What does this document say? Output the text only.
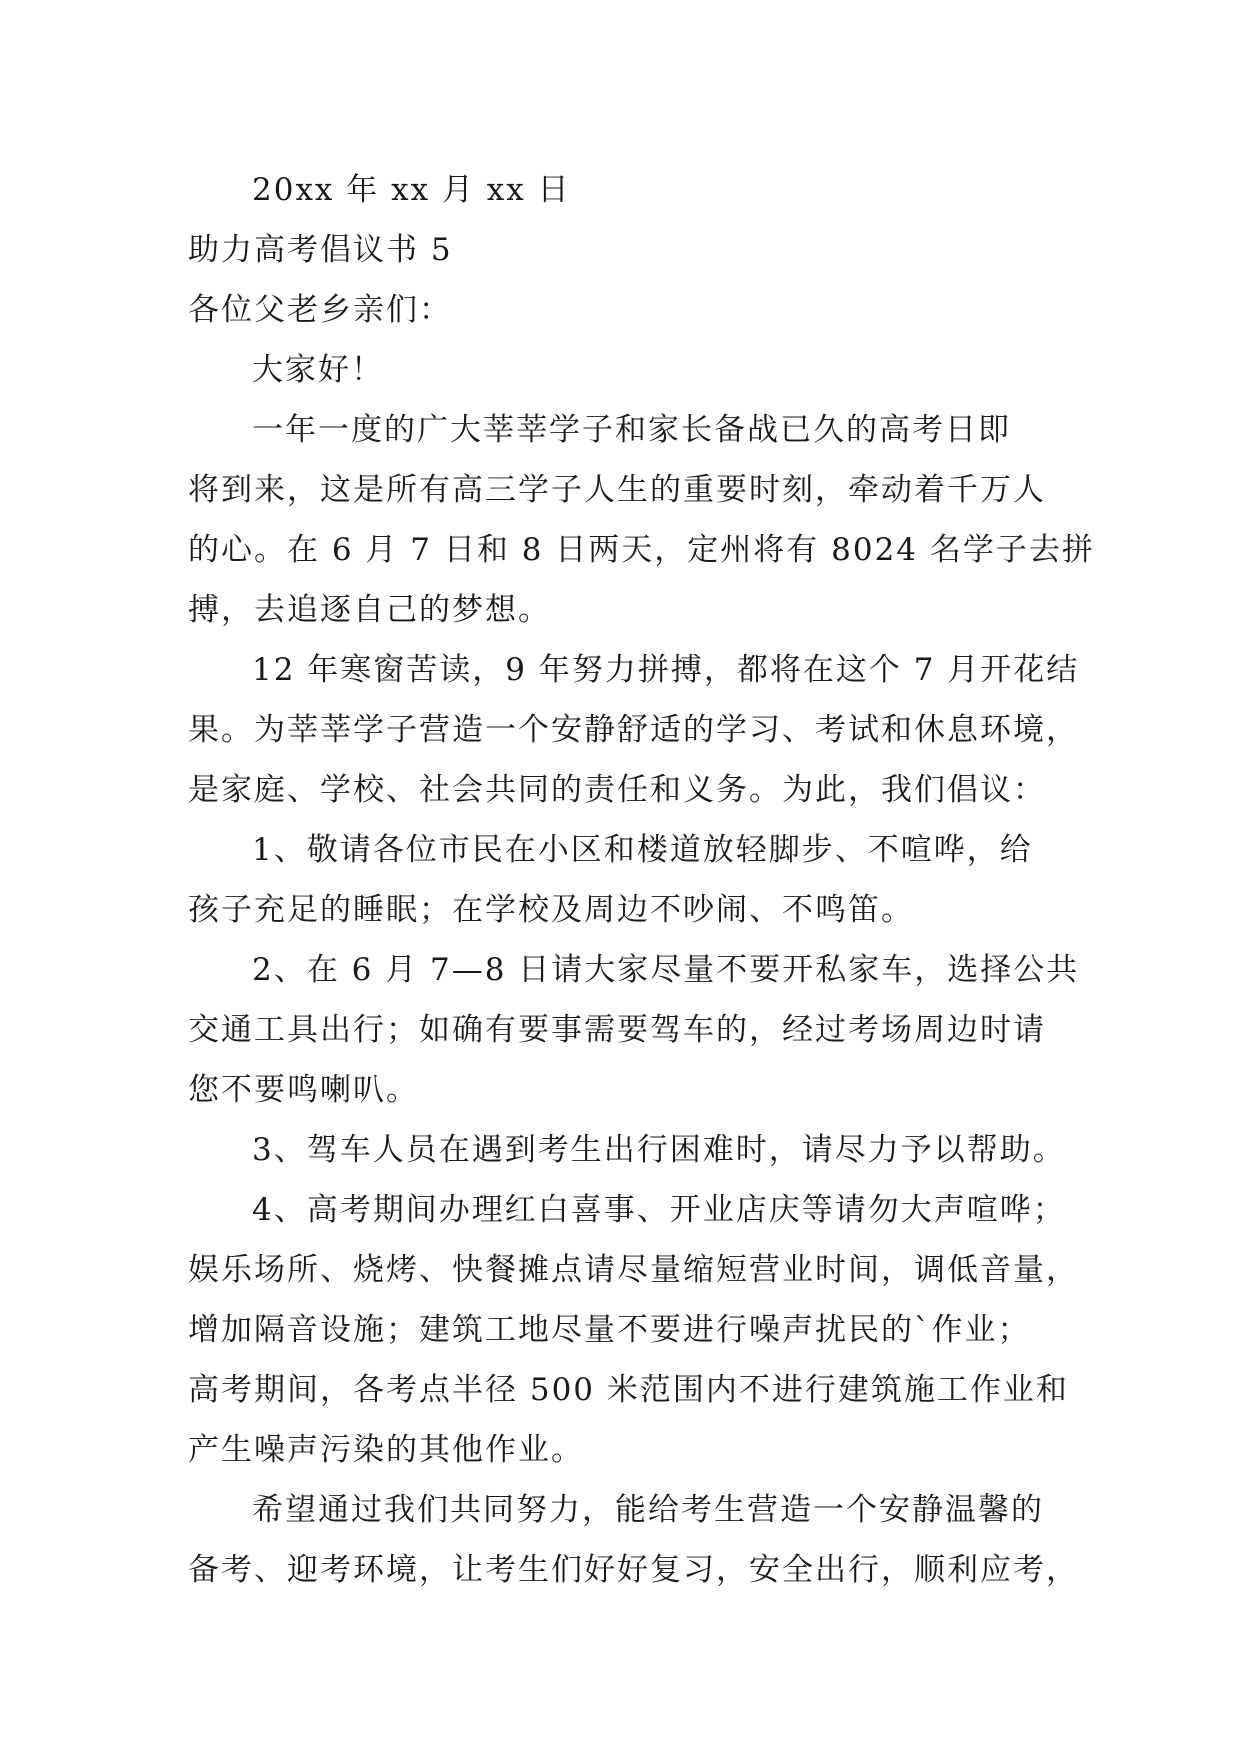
20xx 年 xx 月 xx 日
助力高考倡议书 5
各位父老乡亲们：
大家好！
一年一度的广大莘莘学子和家长备战已久的高考日即
将到来，这是所有高三学子人生的重要时刻，牵动着千万人
的心。在 6 月 7 日和 8 日两天，定州将有 8024 名学子去拼
搏，去追逐自己的梦想。
12 年寒窗苦读，9 年努力拼搏，都将在这个 7 月开花结
果。为莘莘学子营造一个安静舒适的学习、考试和休息环境，
是家庭、学校、社会共同的责任和义务。为此，我们倡议：
1、敬请各位市民在小区和楼道放轻脚步、不喧哗，给
孩子充足的睡眠；在学校及周边不吵闹、不鸣笛。
2、在 6 月 7—8 日请大家尽量不要开私家车，选择公共
交通工具出行；如确有要事需要驾车的，经过考场周边时请
您不要鸣喇叭。
3、驾车人员在遇到考生出行困难时，请尽力予以帮助。
4、高考期间办理红白喜事、开业店庆等请勿大声喧哗；
娱乐场所、烧烤、快餐摊点请尽量缩短营业时间，调低音量，
增加隔音设施；建筑工地尽量不要进行噪声扰民的`作业；
高考期间，各考点半径 500 米范围内不进行建筑施工作业和
产生噪声污染的其他作业。
希望通过我们共同努力，能给考生营造一个安静温馨的
备考、迎考环境，让考生们好好复习，安全出行，顺利应考，
